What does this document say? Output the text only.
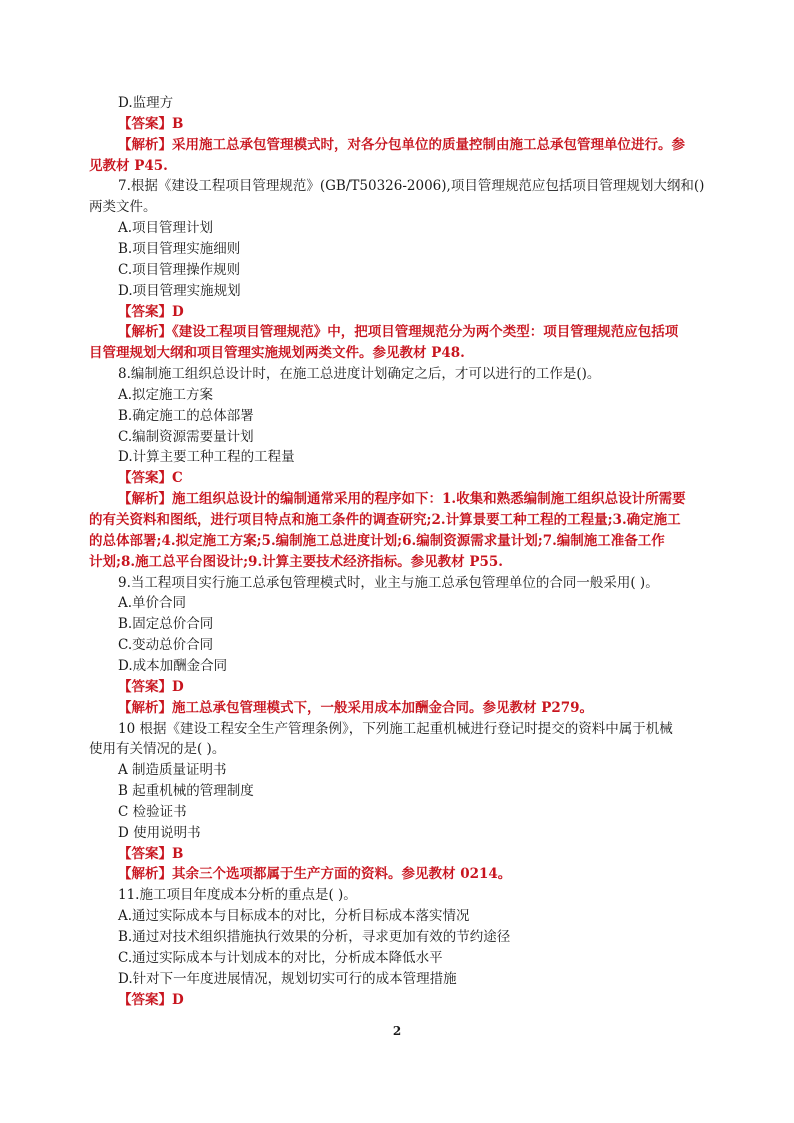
D.监理方
【答案】B
【解析】采用施工总承包管理模式时，对各分包单位的质量控制由施工总承包管理单位进行。参
见教材 P45.
7.根据《建设工程项目管理规范》(GB/T50326-2006),项目管理规范应包括项目管理规划大纲和()
两类文件。
A.项目管理计划
B.项目管理实施细则
C.项目管理操作规则
D.项目管理实施规划
【答案】D
【解析】《建设工程项目管理规范》中，把项目管理规范分为两个类型：项目管理规范应包括项
目管理规划大纲和项目管理实施规划两类文件。参见教材 P48.
8.编制施工组织总设计时，在施工总进度计划确定之后，才可以进行的工作是()。
A.拟定施工方案
B.确定施工的总体部署
C.编制资源需要量计划
D.计算主要工种工程的工程量
【答案】C
【解析】施工组织总设计的编制通常采用的程序如下：1.收集和熟悉编制施工组织总设计所需要
的有关资料和图纸，进行项目特点和施工条件的调查研究;2.计算景要工种工程的工程量;3.确定施工
的总体部署;4.拟定施工方案;5.编制施工总进度计划;6.编制资源需求量计划;7.编制施工准备工作
计划;8.施工总平台图设计;9.计算主要技术经济指标。参见教材 P55.
9.当工程项目实行施工总承包管理模式时，业主与施工总承包管理单位的合同一般采用( )。
A.单价合同
B.固定总价合同
C.变动总价合同
D.成本加酬金合同
【答案】D
【解析】施工总承包管理模式下，一般采用成本加酬金合同。参见教材 P279。
10 根据《建设工程安全生产管理条例》，下列施工起重机械进行登记时提交的资料中属于机械
使用有关情况的是( )。
A 制造质量证明书
B 起重机械的管理制度
C 检验证书
D 使用说明书
【答案】B
【解析】其余三个选项都属于生产方面的资料。参见教材 0214。
11.施工项目年度成本分析的重点是( )。
A.通过实际成本与目标成本的对比，分析目标成本落实情况
B.通过对技术组织措施执行效果的分析，寻求更加有效的节约途径
C.通过实际成本与计划成本的对比，分析成本降低水平
D.针对下一年度进展情况，规划切实可行的成本管理措施
【答案】D
2
